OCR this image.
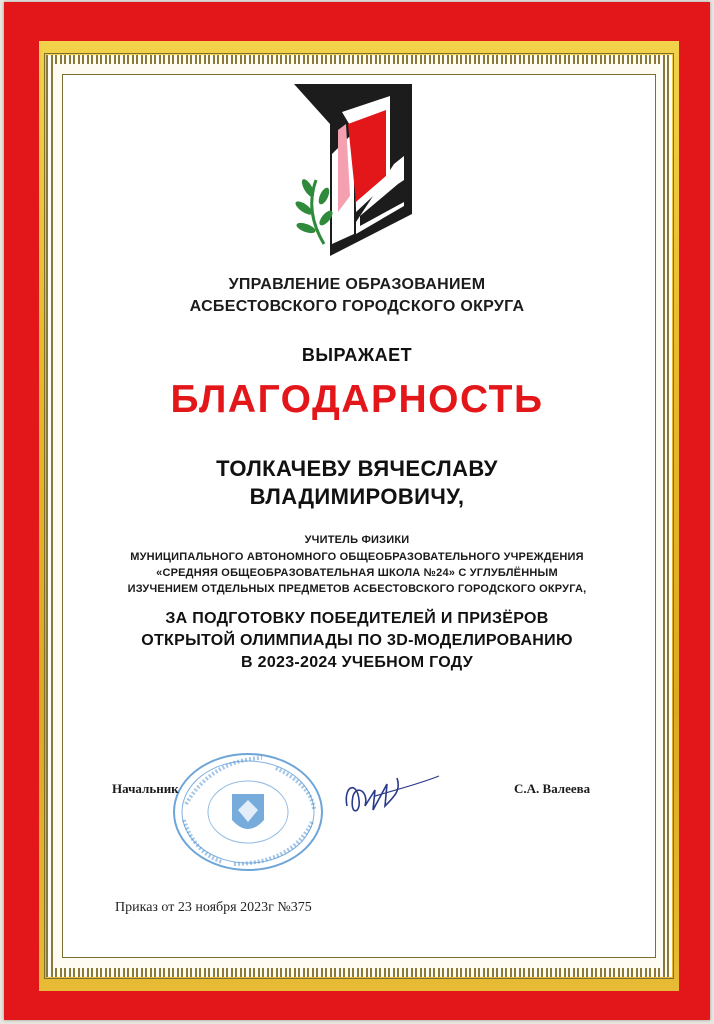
УПРАВЛЕНИЕ ОБРАЗОВАНИЕМ
АСБЕСТОВСКОГО ГОРОДСКОГО ОКРУГА
ВЫРАЖАЕТ
БЛАГОДАРНОСТЬ
ТОЛКАЧЕВУ ВЯЧЕСЛАВУ
ВЛАДИМИРОВИЧУ,
УЧИТЕЛЬ ФИЗИКИ
МУНИЦИПАЛЬНОГО АВТОНОМНОГО ОБЩЕОБРАЗОВАТЕЛЬНОГО УЧРЕЖДЕНИЯ
«СРЕДНЯЯ ОБЩЕОБРАЗОВАТЕЛЬНАЯ ШКОЛА №24» С УГЛУБЛЁННЫМ
ИЗУЧЕНИЕМ ОТДЕЛЬНЫХ ПРЕДМЕТОВ АСБЕСТОВСКОГО ГОРОДСКОГО ОКРУГА,
ЗА ПОДГОТОВКУ ПОБЕДИТЕЛЕЙ И ПРИЗЁРОВ
ОТКРЫТОЙ ОЛИМПИАДЫ ПО 3D-МОДЕЛИРОВАНИЮ
В 2023-2024 УЧЕБНОМ ГОДУ
Начальник	С.А. Валеева
Приказ от 23 ноября 2023г №375
